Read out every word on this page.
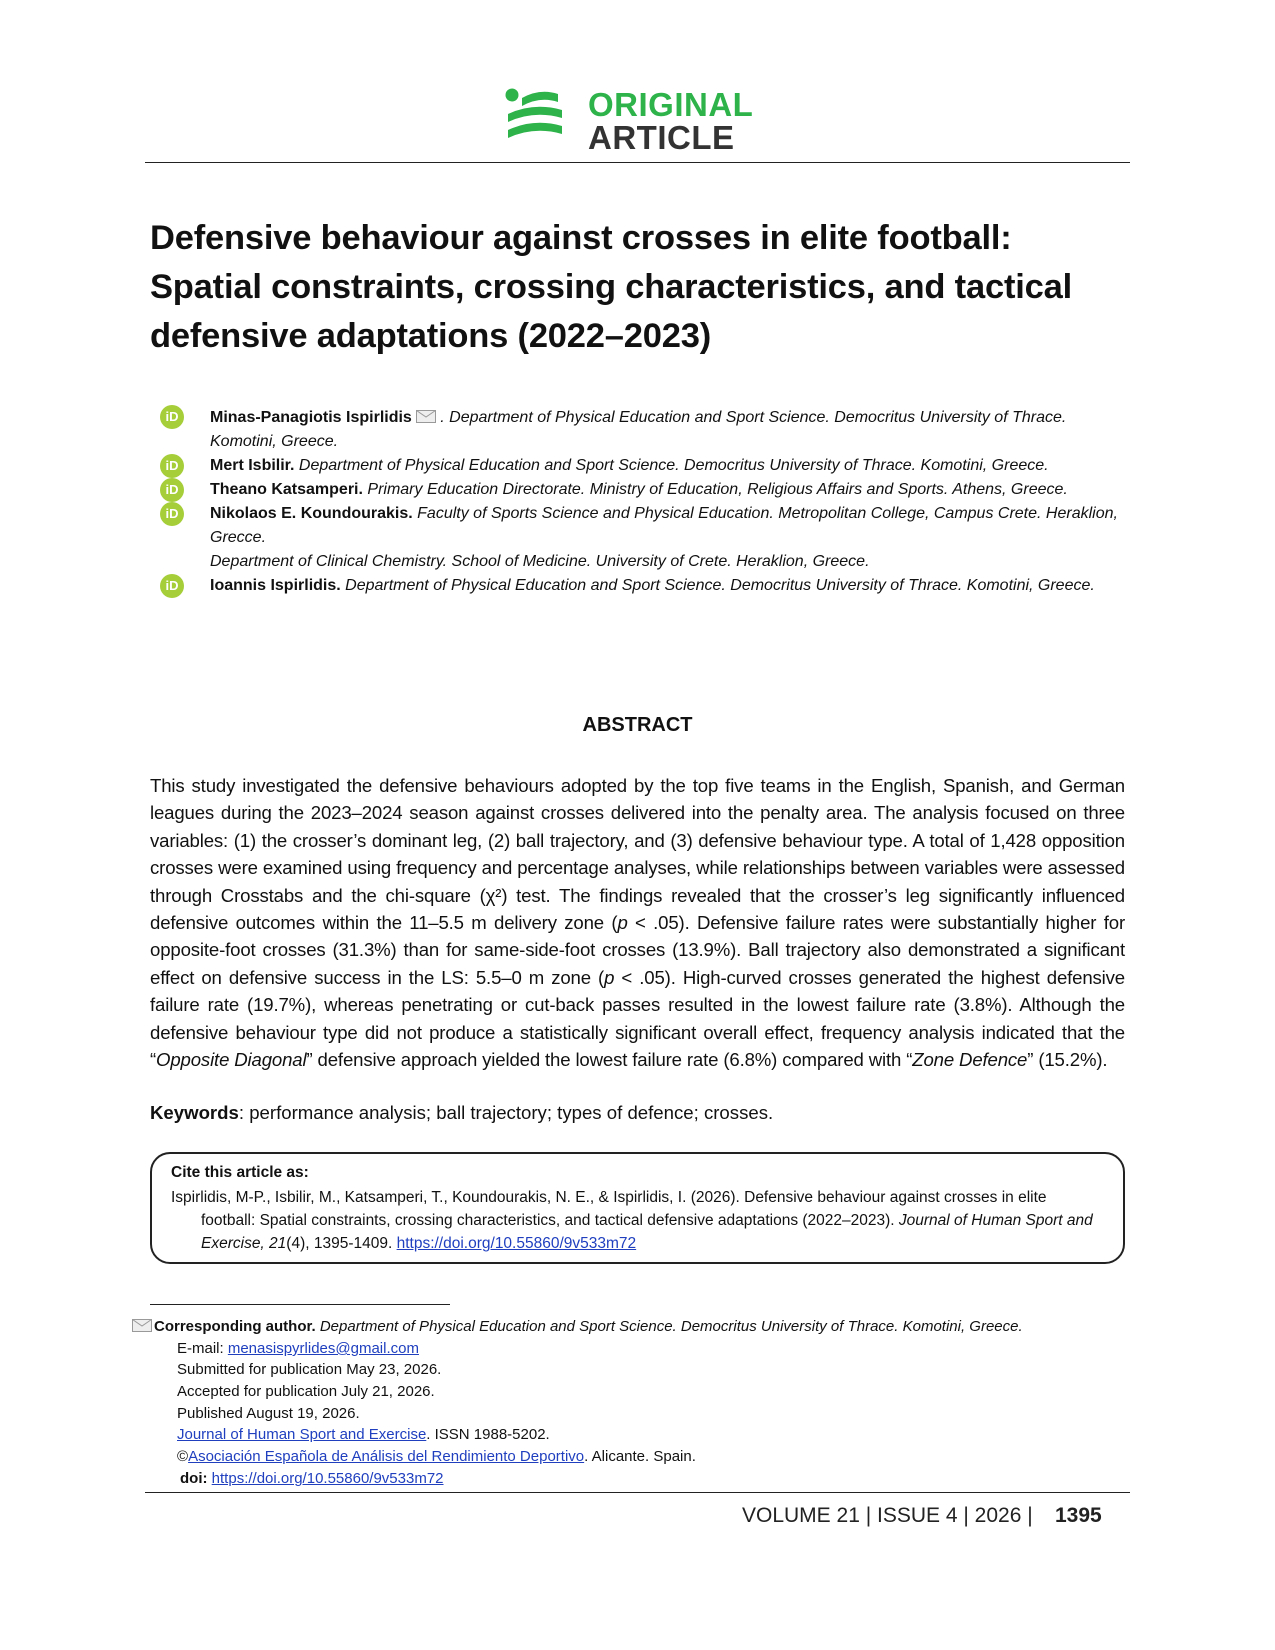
ORIGINAL
ARTICLE
Defensive behaviour against crosses in elite football: Spatial constraints, crossing characteristics, and tactical defensive adaptations (2022–2023)
iD	Minas-Panagiotis Ispirlidis . Department of Physical Education and Sport Science. Democritus University of Thrace. Komotini, Greece.
iD	Mert Isbilir. Department of Physical Education and Sport Science. Democritus University of Thrace. Komotini, Greece.
iD	Theano Katsamperi. Primary Education Directorate. Ministry of Education, Religious Affairs and Sports. Athens, Greece.
iD	Nikolaos E. Koundourakis. Faculty of Sports Science and Physical Education. Metropolitan College, Campus Crete. Heraklion, Grecce.
Department of Clinical Chemistry. School of Medicine. University of Crete. Heraklion, Greece.
iD	Ioannis Ispirlidis. Department of Physical Education and Sport Science. Democritus University of Thrace. Komotini, Greece.
ABSTRACT
This study investigated the defensive behaviours adopted by the top five teams in the English, Spanish, and German leagues during the 2023–2024 season against crosses delivered into the penalty area. The analysis focused on three variables: (1) the crosser’s dominant leg, (2) ball trajectory, and (3) defensive behaviour type. A total of 1,428 opposition crosses were examined using frequency and percentage analyses, while relationships between variables were assessed through Crosstabs and the chi-square (χ²) test. The findings revealed that the crosser’s leg significantly influenced defensive outcomes within the 11–5.5 m delivery zone (p < .05). Defensive failure rates were substantially higher for opposite-foot crosses (31.3%) than for same-side-foot crosses (13.9%). Ball trajectory also demonstrated a significant effect on defensive success in the LS: 5.5–0 m zone (p < .05). High-curved crosses generated the highest defensive failure rate (19.7%), whereas penetrating or cut-back passes resulted in the lowest failure rate (3.8%). Although the defensive behaviour type did not produce a statistically significant overall effect, frequency analysis indicated that the “Opposite Diagonal” defensive approach yielded the lowest failure rate (6.8%) compared with “Zone Defence” (15.2%).
Keywords: performance analysis; ball trajectory; types of defence; crosses.
Cite this article as:
Ispirlidis, M-P., Isbilir, M., Katsamperi, T., Koundourakis, N. E., & Ispirlidis, I. (2026). Defensive behaviour against crosses in elite football: Spatial constraints, crossing characteristics, and tactical defensive adaptations (2022–2023). Journal of Human Sport and Exercise, 21(4), 1395-1409. https://doi.org/10.55860/9v533m72
Corresponding author. Department of Physical Education and Sport Science. Democritus University of Thrace. Komotini, Greece.
E-mail: menasispyrlides@gmail.com
Submitted for publication May 23, 2026.
Accepted for publication July 21, 2026.
Published August 19, 2026.
Journal of Human Sport and Exercise. ISSN 1988-5202.
©Asociación Española de Análisis del Rendimiento Deportivo. Alicante. Spain.
doi: https://doi.org/10.55860/9v533m72
VOLUME 21 | ISSUE 4 | 2026 | 1395
